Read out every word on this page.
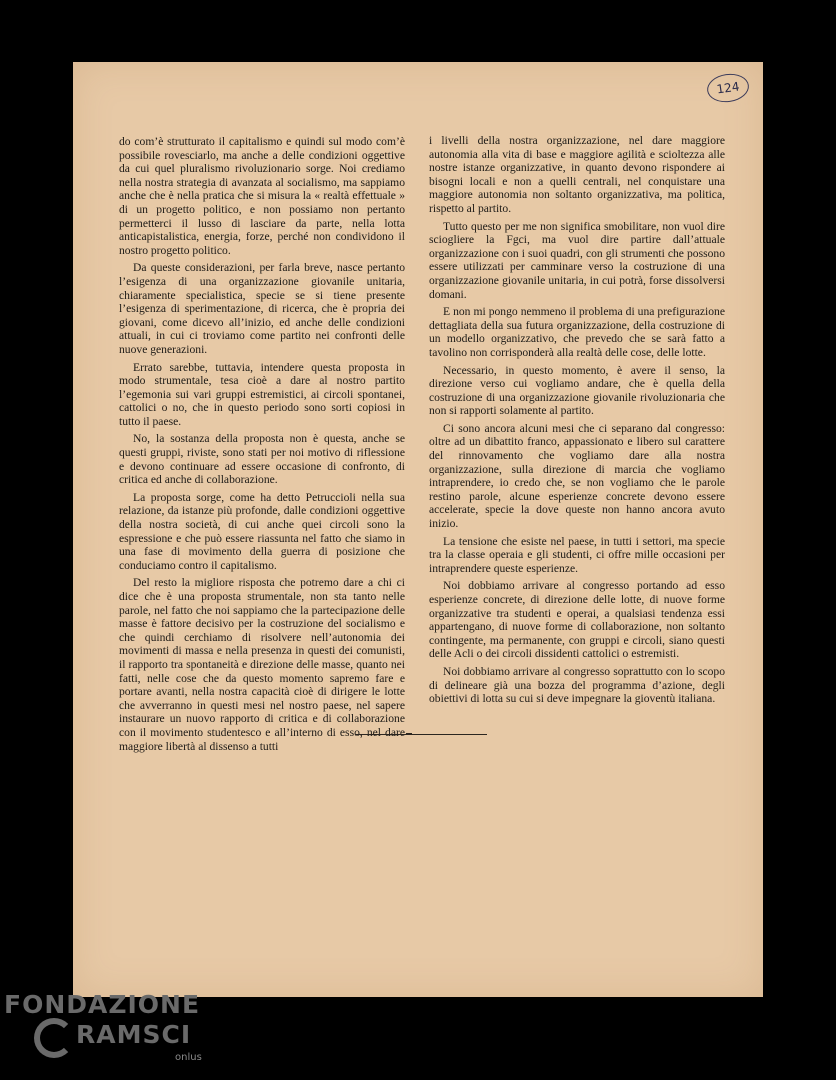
124

do com’è strutturato il capitalismo e quindi sul modo com’è possibile rovesciarlo, ma anche a delle condizioni oggettive da cui quel pluralismo rivoluzionario sorge. Noi crediamo nella nostra strategia di avanzata al socialismo, ma sappiamo anche che è nella pratica che si misura la « realtà effettuale » di un progetto politico, e non possiamo non pertanto permetterci il lusso di lasciare da parte, nella lotta anticapistalistica, energia, forze, perché non condividono il nostro progetto politico.

Da queste considerazioni, per farla breve, nasce pertanto l’esigenza di una organizzazione giovanile unitaria, chiaramente specialistica, specie se si tiene presente l’esigenza di sperimentazione, di ricerca, che è propria dei giovani, come dicevo all’inizio, ed anche delle condizioni attuali, in cui ci troviamo come partito nei confronti delle nuove generazioni.

Errato sarebbe, tuttavia, intendere questa proposta in modo strumentale, tesa cioè a dare al nostro partito l’egemonia sui vari gruppi estremistici, ai circoli spontanei, cattolici o no, che in questo periodo sono sorti copiosi in tutto il paese.

No, la sostanza della proposta non è questa, anche se questi gruppi, riviste, sono stati per noi motivo di riflessione e devono continuare ad essere occasione di confronto, di critica ed anche di collaborazione.

La proposta sorge, come ha detto Petruccioli nella sua relazione, da istanze più profonde, dalle condizioni oggettive della nostra società, di cui anche quei circoli sono la espressione e che può essere riassunta nel fatto che siamo in una fase di movimento della guerra di posizione che conduciamo contro il capitalismo.

Del resto la migliore risposta che potremo dare a chi ci dice che è una proposta strumentale, non sta tanto nelle parole, nel fatto che noi sappiamo che la partecipazione delle masse è fattore decisivo per la costruzione del socialismo e che quindi cerchiamo di risolvere nell’autonomia dei movimenti di massa e nella presenza in questi dei comunisti, il rapporto tra spontaneità e direzione delle masse, quanto nei fatti, nelle cose che da questo momento sapremo fare e portare avanti, nella nostra capacità cioè di dirigere le lotte che avverranno in questi mesi nel nostro paese, nel sapere instaurare un nuovo rapporto di critica e di collaborazione con il movimento studentesco e all’interno di esso, nel dare maggiore libertà al dissenso a tutti

i livelli della nostra organizzazione, nel dare maggiore autonomia alla vita di base e maggiore agilità e scioltezza alle nostre istanze organizzative, in quanto devono rispondere ai bisogni locali e non a quelli centrali, nel conquistare una maggiore autonomia non soltanto organizzativa, ma politica, rispetto al partito.

Tutto questo per me non significa smobilitare, non vuol dire sciogliere la Fgci, ma vuol dire partire dall’attuale organizzazione con i suoi quadri, con gli strumenti che possono essere utilizzati per camminare verso la costruzione di una organizzazione giovanile unitaria, in cui potrà, forse dissolversi domani.

E non mi pongo nemmeno il problema di una prefigurazione dettagliata della sua futura organizzazione, della costruzione di un modello organizzativo, che prevedo che se sarà fatto a tavolino non corrisponderà alla realtà delle cose, delle lotte.

Necessario, in questo momento, è avere il senso, la direzione verso cui vogliamo andare, che è quella della costruzione di una organizzazione giovanile rivoluzionaria che non si rapporti solamente al partito.

Ci sono ancora alcuni mesi che ci separano dal congresso: oltre ad un dibattito franco, appassionato e libero sul carattere del rinnovamento che vogliamo dare alla nostra organizzazione, sulla direzione di marcia che vogliamo intraprendere, io credo che, se non vogliamo che le parole restino parole, alcune esperienze concrete devono essere accelerate, specie la dove queste non hanno ancora avuto inizio.

La tensione che esiste nel paese, in tutti i settori, ma specie tra la classe operaia e gli studenti, ci offre mille occasioni per intraprendere queste esperienze.

Noi dobbiamo arrivare al congresso portando ad esso esperienze concrete, di direzione delle lotte, di nuove forme organizzative tra studenti e operai, a qualsiasi tendenza essi appartengano, di nuove forme di collaborazione, non soltanto contingente, ma permanente, con gruppi e circoli, siano questi delle Acli o dei circoli dissidenti cattolici o estremisti.

Noi dobbiamo arrivare al congresso soprattutto con lo scopo di delineare già una bozza del programma d’azione, degli obiettivi di lotta su cui si deve impegnare la gioventù italiana.

FONDAZIONE
RAMSCI
onlus
